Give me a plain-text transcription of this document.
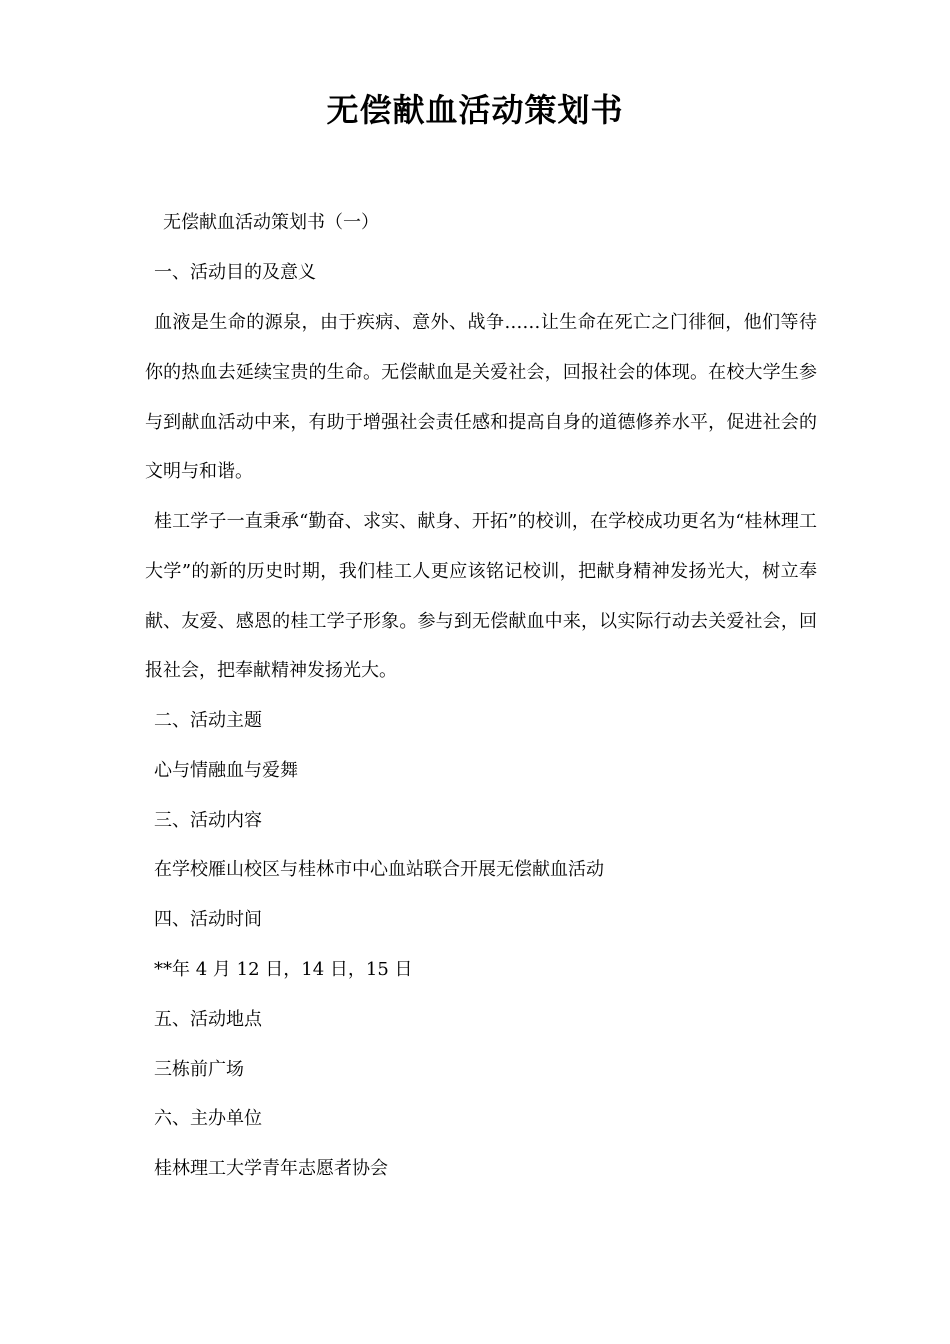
无偿献血活动策划书
无偿献血活动策划书（一）
一、活动目的及意义
血液是生命的源泉，由于疾病、意外、战争……让生命在死亡之门徘徊，他们等待你的热血去延续宝贵的生命。无偿献血是关爱社会，回报社会的体现。在校大学生参与到献血活动中来，有助于增强社会责任感和提高自身的道德修养水平，促进社会的文明与和谐。
桂工学子一直秉承“勤奋、求实、献身、开拓”的校训，在学校成功更名为“桂林理工大学”的新的历史时期，我们桂工人更应该铭记校训，把献身精神发扬光大，树立奉献、友爱、感恩的桂工学子形象。参与到无偿献血中来，以实际行动去关爱社会，回报社会，把奉献精神发扬光大。
二、活动主题
心与情融血与爱舞
三、活动内容
在学校雁山校区与桂林市中心血站联合开展无偿献血活动
四、活动时间
**年 4 月 12 日，14 日，15 日
五、活动地点
三栋前广场
六、主办单位
桂林理工大学青年志愿者协会
